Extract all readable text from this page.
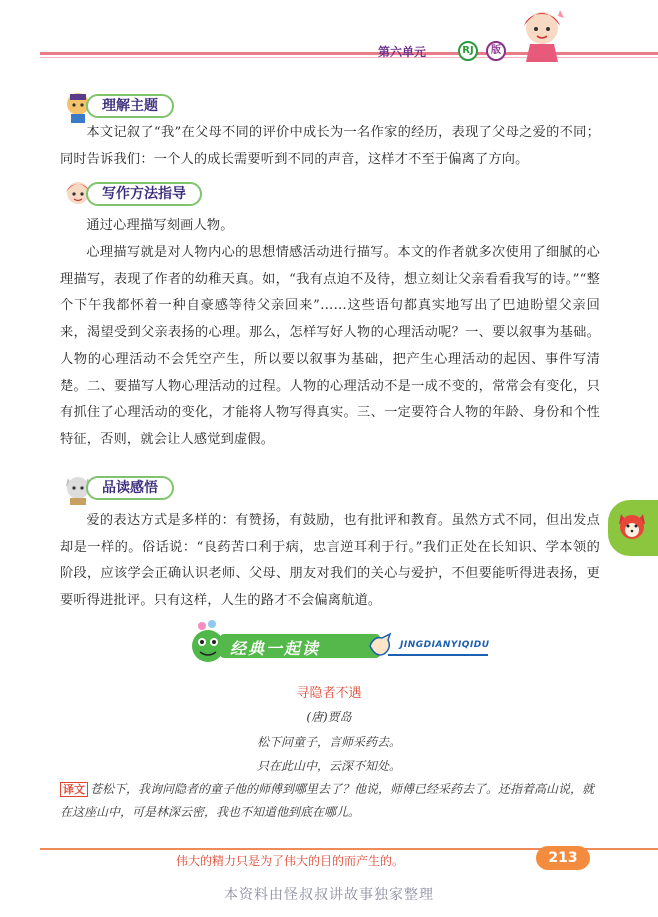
第六单元	RJ	版
理解主题
本文记叙了“我”在父母不同的评价中成长为一名作家的经历，表现了父母之爱的不同；同时告诉我们：一个人的成长需要听到不同的声音，这样才不至于偏离了方向。
写作方法指导
通过心理描写刻画人物。
心理描写就是对人物内心的思想情感活动进行描写。本文的作者就多次使用了细腻的心理描写，表现了作者的幼稚天真。如，“我有点迫不及待，想立刻让父亲看看我写的诗。”“整个下午我都怀着一种自豪感等待父亲回来”……这些语句都真实地写出了巴迪盼望父亲回来，渴望受到父亲表扬的心理。那么，怎样写好人物的心理活动呢？一、要以叙事为基础。人物的心理活动不会凭空产生，所以要以叙事为基础，把产生心理活动的起因、事件写清楚。二、要描写人物心理活动的过程。人物的心理活动不是一成不变的，常常会有变化，只有抓住了心理活动的变化，才能将人物写得真实。三、一定要符合人物的年龄、身份和个性特征，否则，就会让人感觉到虚假。
品读感悟
爱的表达方式是多样的：有赞扬，有鼓励，也有批评和教育。虽然方式不同，但出发点却是一样的。俗话说：“良药苦口利于病，忠言逆耳利于行。”我们正处在长知识、学本领的阶段，应该学会正确认识老师、父母、朋友对我们的关心与爱护，不但要能听得进表扬，更要听得进批评。只有这样，人生的路才不会偏离航道。
经典一起读	JINGDIANYIQIDU
寻隐者不遇
(唐)贾岛
松下问童子，言师采药去。
只在此山中，云深不知处。
译文 苍松下，我询问隐者的童子他的师傅到哪里去了？他说，师傅已经采药去了。还指着高山说，就在这座山中，可是林深云密，我也不知道他到底在哪儿。
伟大的精力只是为了伟大的目的而产生的。	213
本资料由怪叔叔讲故事独家整理
